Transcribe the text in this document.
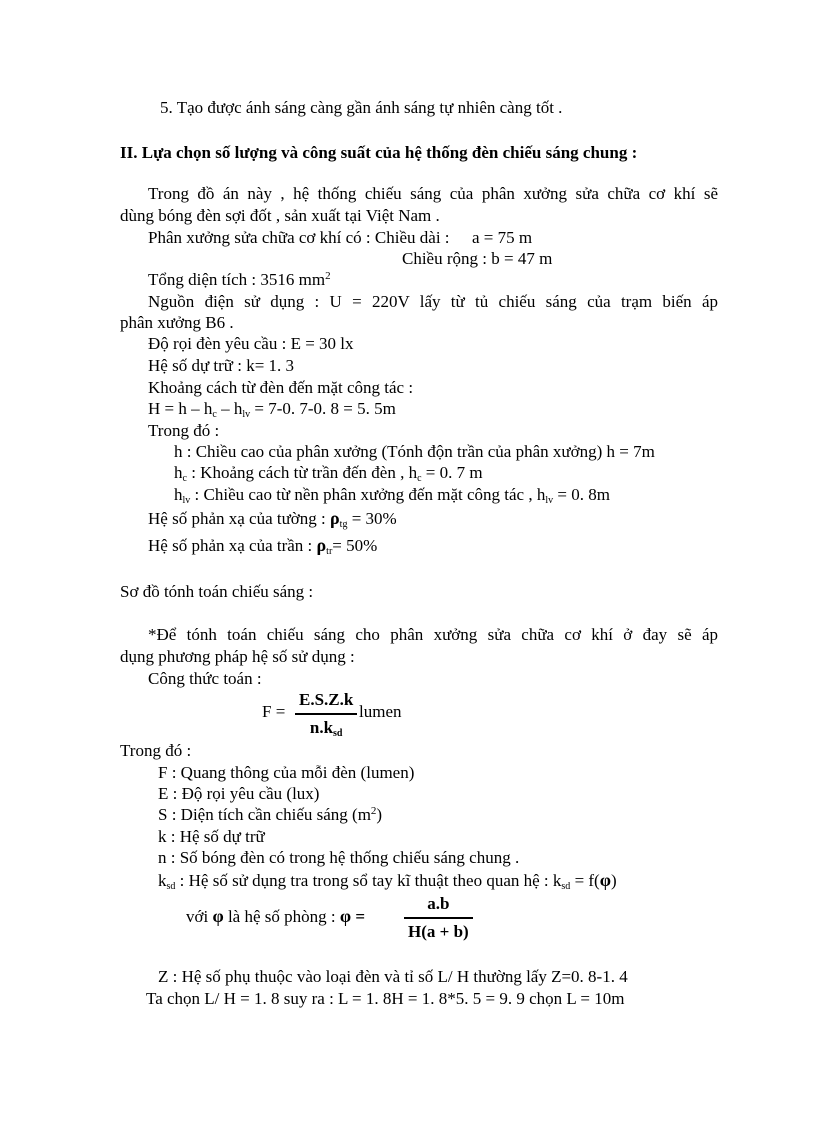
5. Tạo được ánh sáng càng gần ánh sáng tự nhiên càng tốt .
II. Lựa chọn số lượng và công suất của hệ thống đèn chiếu sáng chung :
Trong đồ án này , hệ thống chiếu sáng của phân xưởng sửa chữa cơ khí sẽ
dùng bóng đèn sợi đốt , sản xuất tại Việt Nam .
Phân xưởng sửa chữa cơ khí có : Chiều dài : a = 75 m
Chiều rộng : b = 47 m
Tổng diện tích : 3516 $mm^2$
Nguồn điện sử dụng : U = 220V lấy từ tủ chiếu sáng của trạm biến áp
phân xưởng B6 .
Độ rọi đèn yêu cầu : E = 30 lx
Hệ số dự trữ : k= 1. 3
Khoảng cách từ đèn đến mặt công tác :
$H = h - h_c - h_{lv} = 7-0$. 7-0. 8 = 5. 5m
Trong đó :
h : Chiều cao của phân xưởng (Tónh độn trần của phân xưởng) h = 7m
$h_c$ : Khoảng cách từ trần đến đèn , $h_c = 0$. 7 m
$h_{lv}$ : Chiều cao từ nền phân xưởng đến mặt công tác , $h_{lv} = 0$. 8m
Hệ số phản xạ của tường : $\rho_{tg} = 30\%$
Hệ số phản xạ của trần : $\rho_{tr}= 50\%$
Sơ đồ tónh toán chiếu sáng :
*Để tónh toán chiếu sáng cho phân xưởng sửa chữa cơ khí ở đay sẽ áp
dụng phương pháp hệ số sử dụng :
Công thức toán :
F =
E.S.Z.k
$n.k_{sd}$
lumen
Trong đó :
F : Quang thông của mỗi đèn (lumen)
E : Độ rọi yêu cầu (lux)
S : Diện tích cần chiếu sáng $(m^2)$
k : Hệ số dự trữ
n : Số bóng đèn có trong hệ thống chiếu sáng chung .
$k_{sd}$ : Hệ số sử dụng tra trong sổ tay kĩ thuật theo quan hệ : $k_{sd} = f(\varphi)$
với φ là hệ số phòng : φ =
a.b
H(a + b)
Z : Hệ số phụ thuộc vào loại đèn và tỉ số L/ H thường lấy Z=0. 8-1. 4
Ta chọn L/ H = 1. 8 suy ra : L = 1. 8H = 1. 8*5. 5 = 9. 9 chọn L = 10m
